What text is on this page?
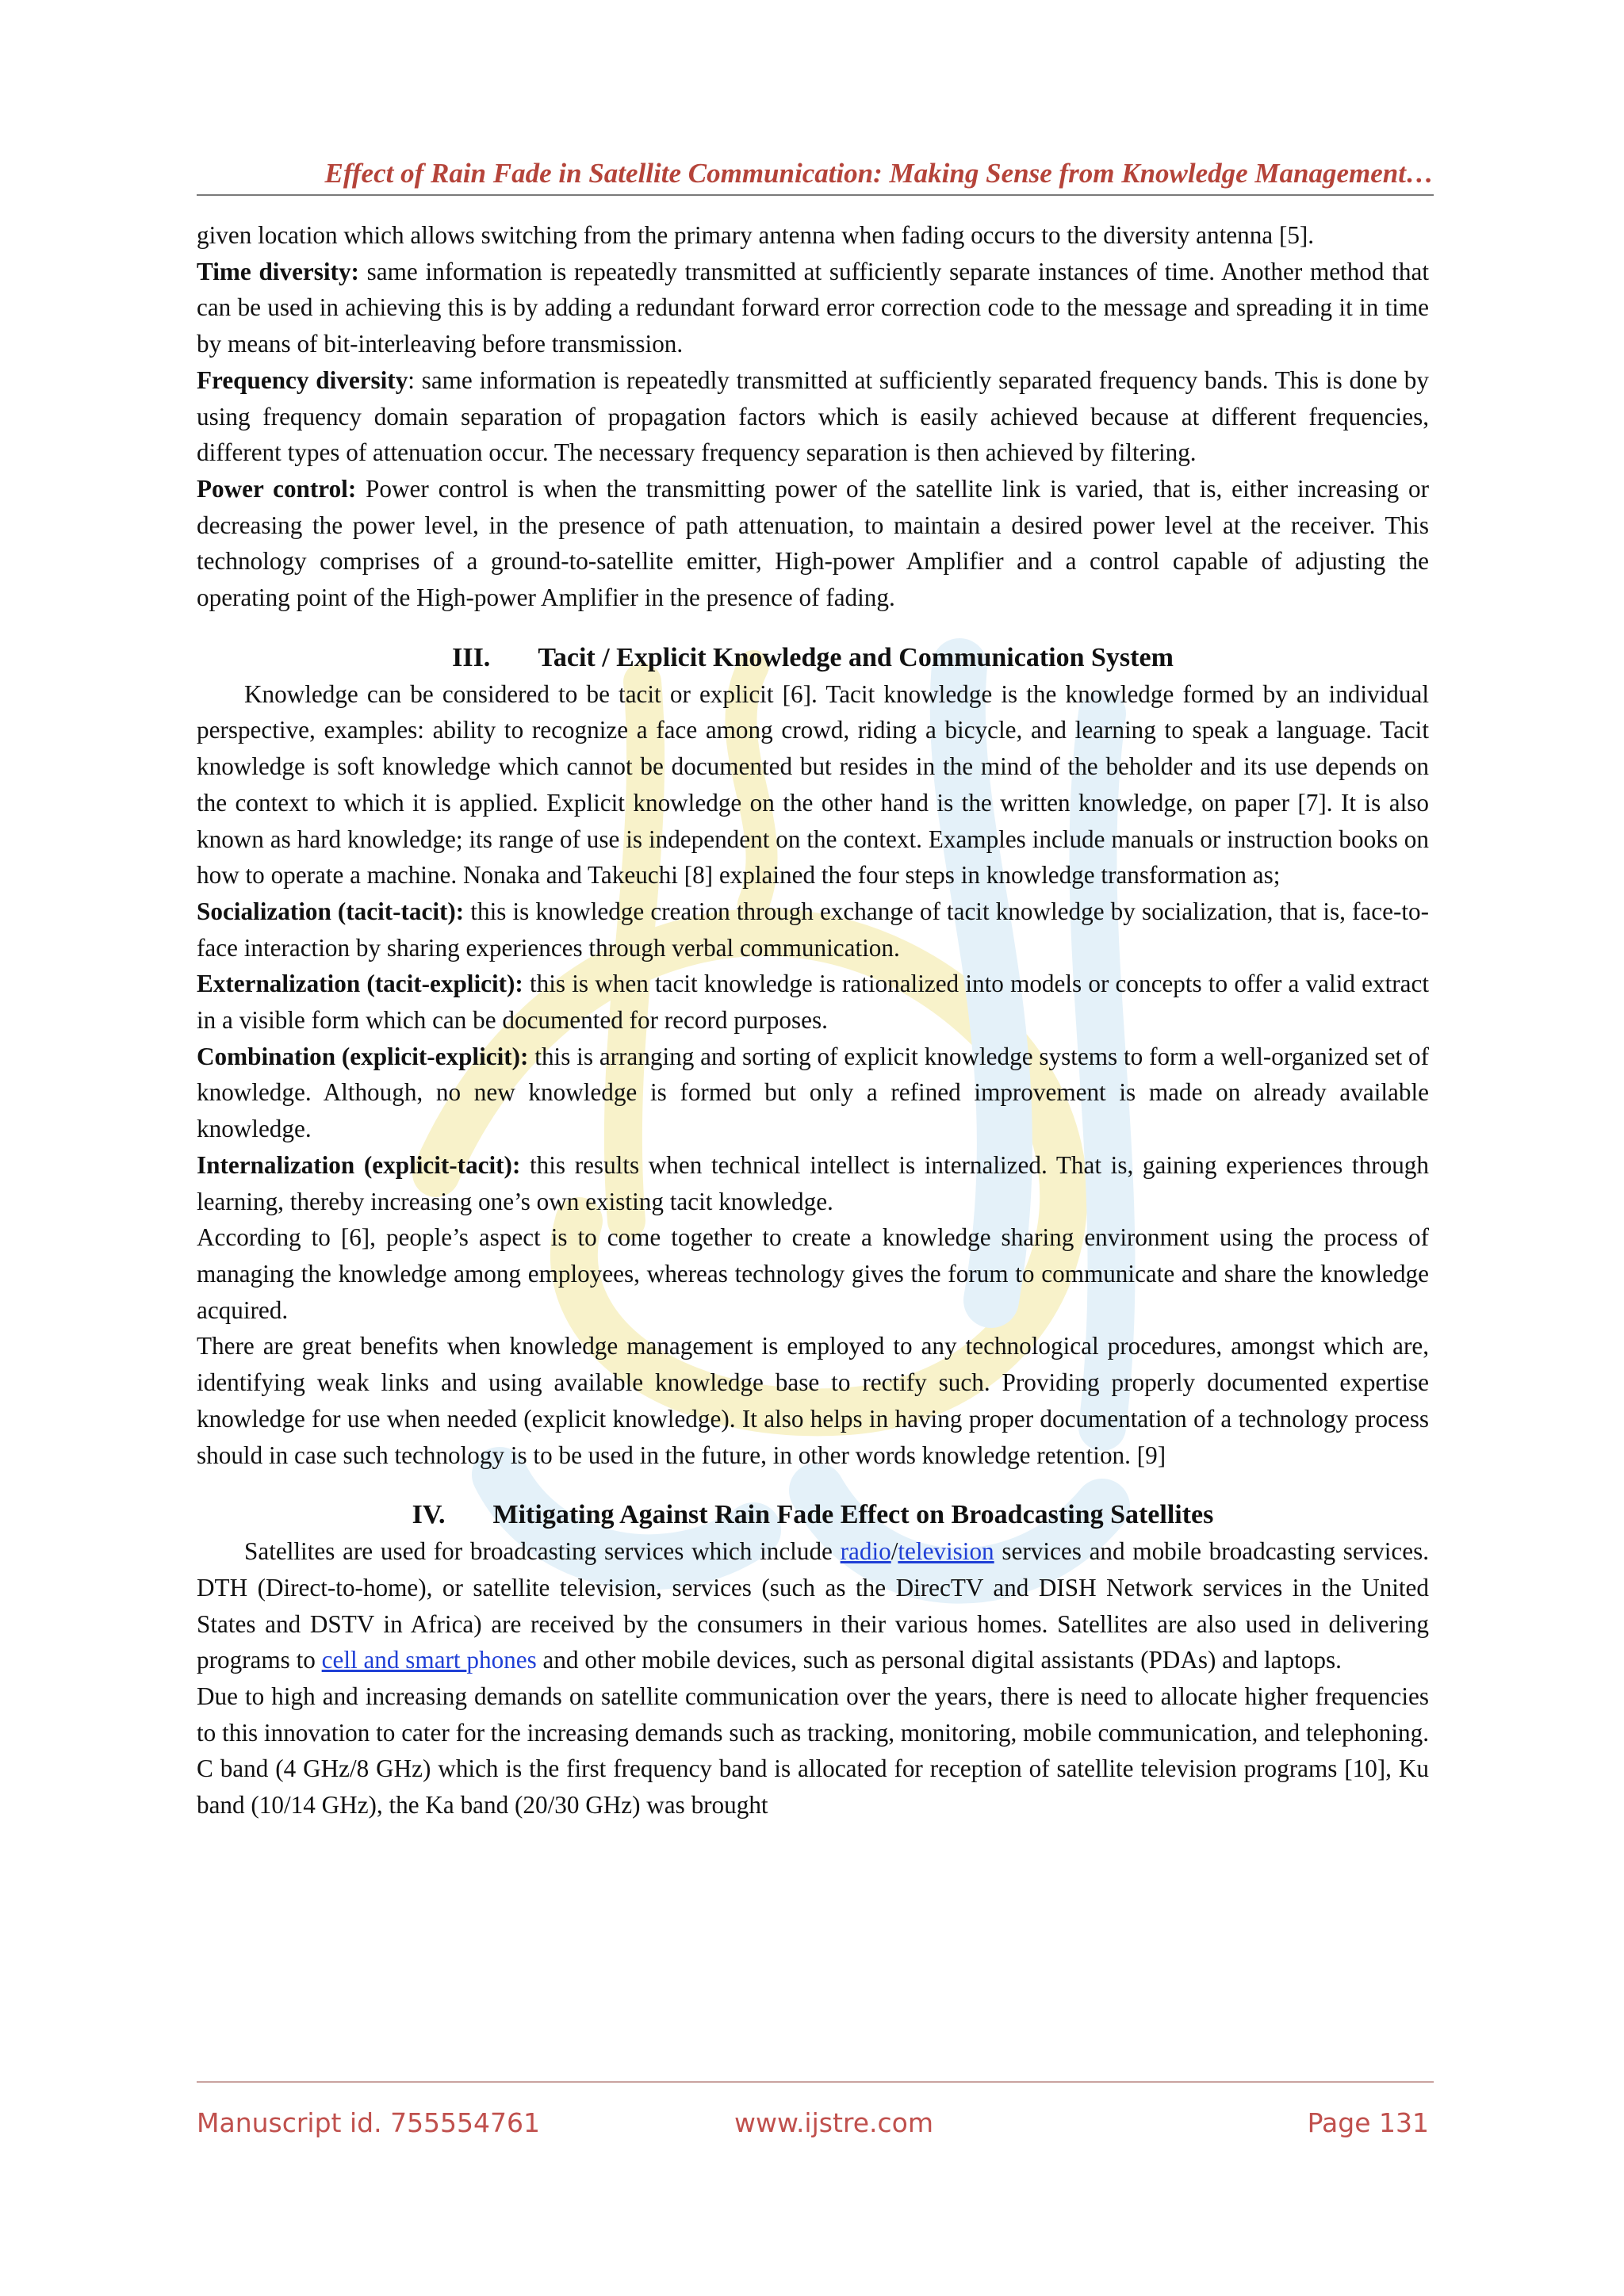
Effect of Rain Fade in Satellite Communication: Making Sense from Knowledge Management…

given location which allows switching from the primary antenna when fading occurs to the diversity antenna [5].

Time diversity: same information is repeatedly transmitted at sufficiently separate instances of time. Another method that can be used in achieving this is by adding a redundant forward error correction code to the message and spreading it in time by means of bit-interleaving before transmission.

Frequency diversity: same information is repeatedly transmitted at sufficiently separated frequency bands. This is done by using frequency domain separation of propagation factors which is easily achieved because at different frequencies, different types of attenuation occur. The necessary frequency separation is then achieved by filtering.

Power control: Power control is when the transmitting power of the satellite link is varied, that is, either increasing or decreasing the power level, in the presence of path attenuation, to maintain a desired power level at the receiver. This technology comprises of a ground-to-satellite emitter, High-power Amplifier and a control capable of adjusting the operating point of the High-power Amplifier in the presence of fading.

III. Tacit / Explicit Knowledge and Communication System

Knowledge can be considered to be tacit or explicit [6]. Tacit knowledge is the knowledge formed by an individual perspective, examples: ability to recognize a face among crowd, riding a bicycle, and learning to speak a language. Tacit knowledge is soft knowledge which cannot be documented but resides in the mind of the beholder and its use depends on the context to which it is applied. Explicit knowledge on the other hand is the written knowledge, on paper [7]. It is also known as hard knowledge; its range of use is independent on the context. Examples include manuals or instruction books on how to operate a machine. Nonaka and Takeuchi [8] explained the four steps in knowledge transformation as;

Socialization (tacit-tacit): this is knowledge creation through exchange of tacit knowledge by socialization, that is, face-to-face interaction by sharing experiences through verbal communication.

Externalization (tacit-explicit): this is when tacit knowledge is rationalized into models or concepts to offer a valid extract in a visible form which can be documented for record purposes.

Combination (explicit-explicit): this is arranging and sorting of explicit knowledge systems to form a well-organized set of knowledge. Although, no new knowledge is formed but only a refined improvement is made on already available knowledge.

Internalization (explicit-tacit): this results when technical intellect is internalized. That is, gaining experiences through learning, thereby increasing one’s own existing tacit knowledge.

According to [6], people’s aspect is to come together to create a knowledge sharing environment using the process of managing the knowledge among employees, whereas technology gives the forum to communicate and share the knowledge acquired.

There are great benefits when knowledge management is employed to any technological procedures, amongst which are, identifying weak links and using available knowledge base to rectify such. Providing properly documented expertise knowledge for use when needed (explicit knowledge). It also helps in having proper documentation of a technology process should in case such technology is to be used in the future, in other words knowledge retention. [9]

IV. Mitigating Against Rain Fade Effect on Broadcasting Satellites

Satellites are used for broadcasting services which include radio/television services and mobile broadcasting services. DTH (Direct-to-home), or satellite television, services (such as the DirecTV and DISH Network services in the United States and DSTV in Africa) are received by the consumers in their various homes. Satellites are also used in delivering programs to cell and smart phones and other mobile devices, such as personal digital assistants (PDAs) and laptops.

Due to high and increasing demands on satellite communication over the years, there is need to allocate higher frequencies to this innovation to cater for the increasing demands such as tracking, monitoring, mobile communication, and telephoning. C band (4 GHz/8 GHz) which is the first frequency band is allocated for reception of satellite television programs [10], Ku band (10/14 GHz), the Ka band (20/30 GHz) was brought

Manuscript id. 755554761	www.ijstre.com	Page 131
